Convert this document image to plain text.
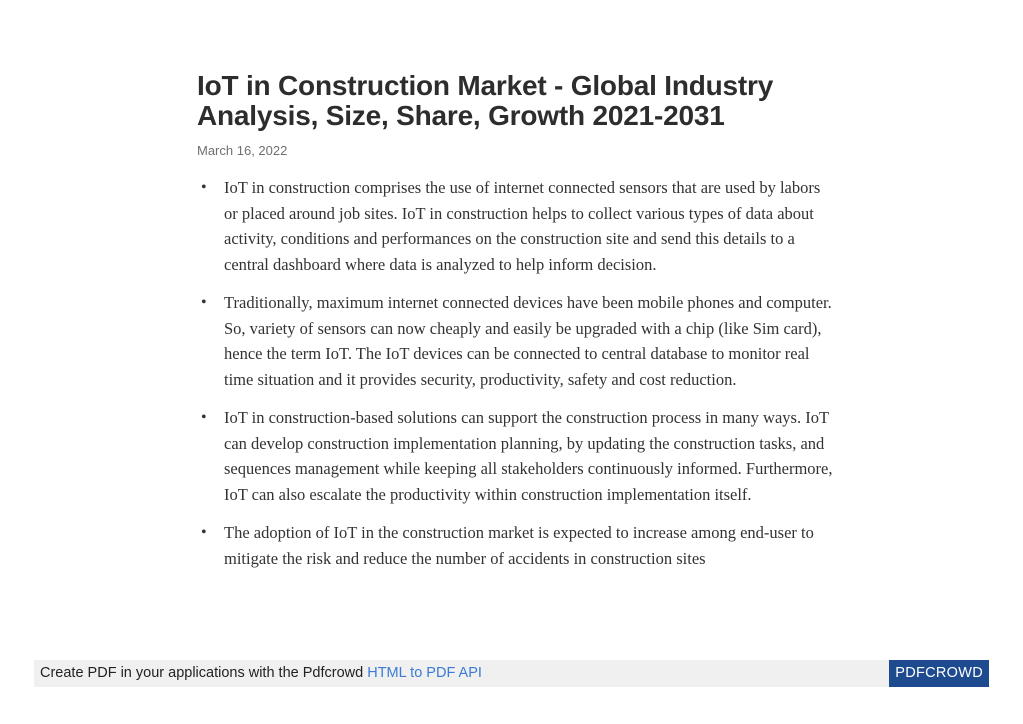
IoT in Construction Market - Global Industry Analysis, Size, Share, Growth 2021-2031
March 16, 2022
• IoT in construction comprises the use of internet connected sensors that are used by labors or placed around job sites. IoT in construction helps to collect various types of data about activity, conditions and performances on the construction site and send this details to a central dashboard where data is analyzed to help inform decision.
• Traditionally, maximum internet connected devices have been mobile phones and computer. So, variety of sensors can now cheaply and easily be upgraded with a chip (like Sim card), hence the term IoT. The IoT devices can be connected to central database to monitor real time situation and it provides security, productivity, safety and cost reduction.
• IoT in construction-based solutions can support the construction process in many ways. IoT can develop construction implementation planning, by updating the construction tasks, and sequences management while keeping all stakeholders continuously informed. Furthermore, IoT can also escalate the productivity within construction implementation itself.
• The adoption of IoT in the construction market is expected to increase among end-user to mitigate the risk and reduce the number of accidents in construction sites
Create PDF in your applications with the Pdfcrowd HTML to PDF API	PDFCROWD
